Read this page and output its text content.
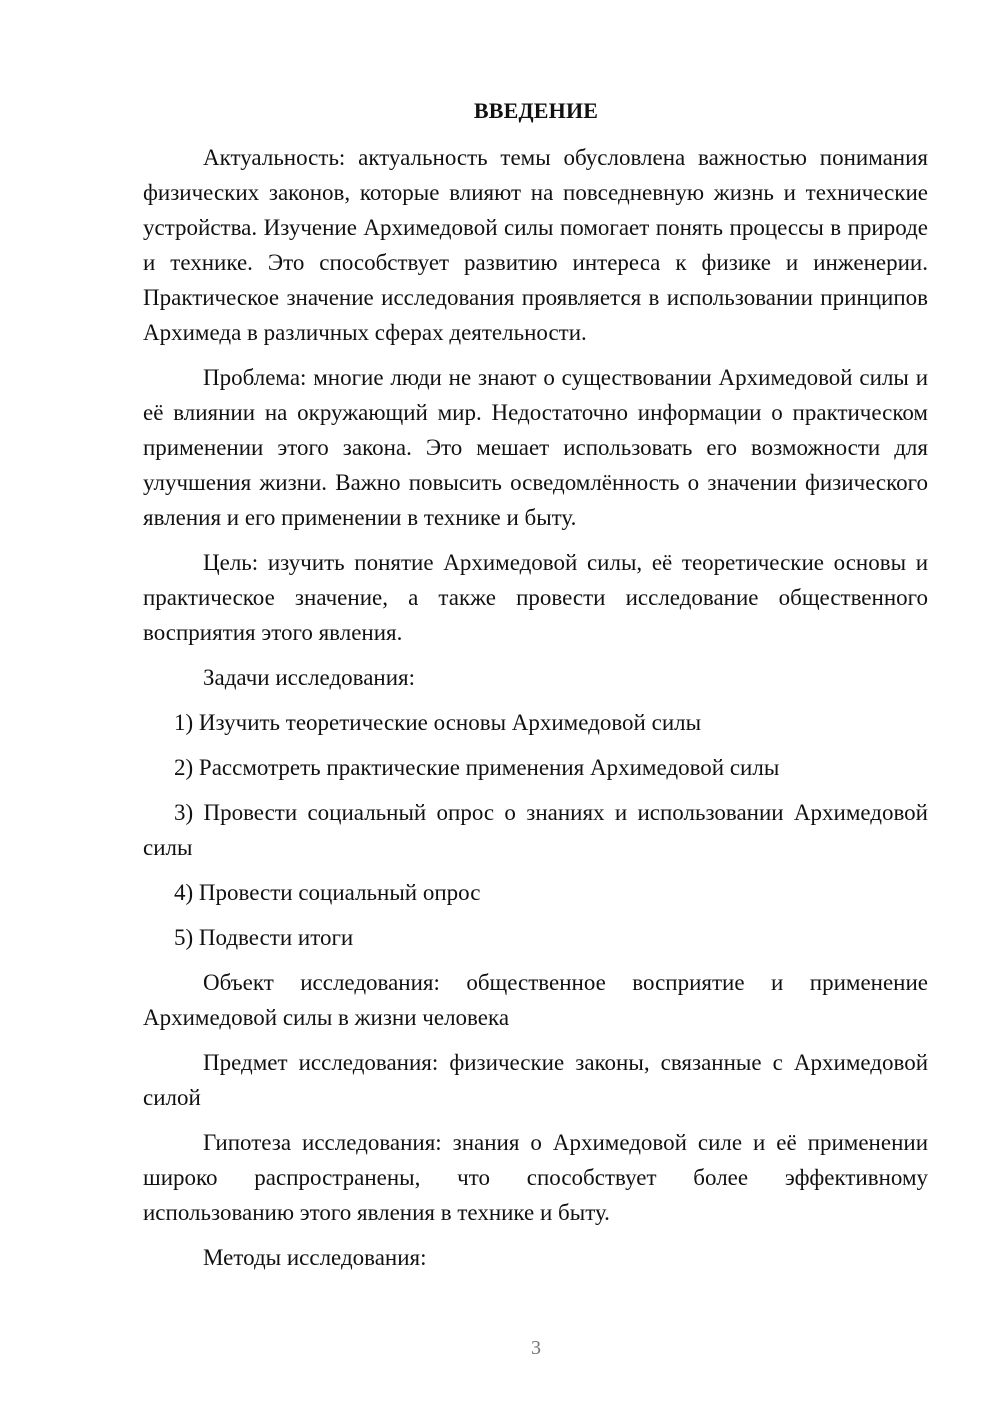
ВВЕДЕНИЕ

Актуальность: актуальность темы обусловлена важностью понимания физических законов, которые влияют на повседневную жизнь и технические устройства. Изучение Архимедовой силы помогает понять процессы в природе и технике. Это способствует развитию интереса к физике и инженерии. Практическое значение исследования проявляется в использовании принципов Архимеда в различных сферах деятельности.

Проблема: многие люди не знают о существовании Архимедовой силы и её влиянии на окружающий мир. Недостаточно информации о практическом применении этого закона. Это мешает использовать его возможности для улучшения жизни. Важно повысить осведомлённость о значении физического явления и его применении в технике и быту.

Цель: изучить понятие Архимедовой силы, её теоретические основы и практическое значение, а также провести исследование общественного восприятия этого явления.

Задачи исследования:

1) Изучить теоретические основы Архимедовой силы

2) Рассмотреть практические применения Архимедовой силы

3) Провести социальный опрос о знаниях и использовании Архимедовой силы

4) Провести социальный опрос

5) Подвести итоги

Объект исследования: общественное восприятие и применение Архимедовой силы в жизни человека

Предмет исследования: физические законы, связанные с Архимедовой силой

Гипотеза исследования: знания о Архимедовой силе и её применении широко распространены, что способствует более эффективному использованию этого явления в технике и быту.

Методы исследования:

3
